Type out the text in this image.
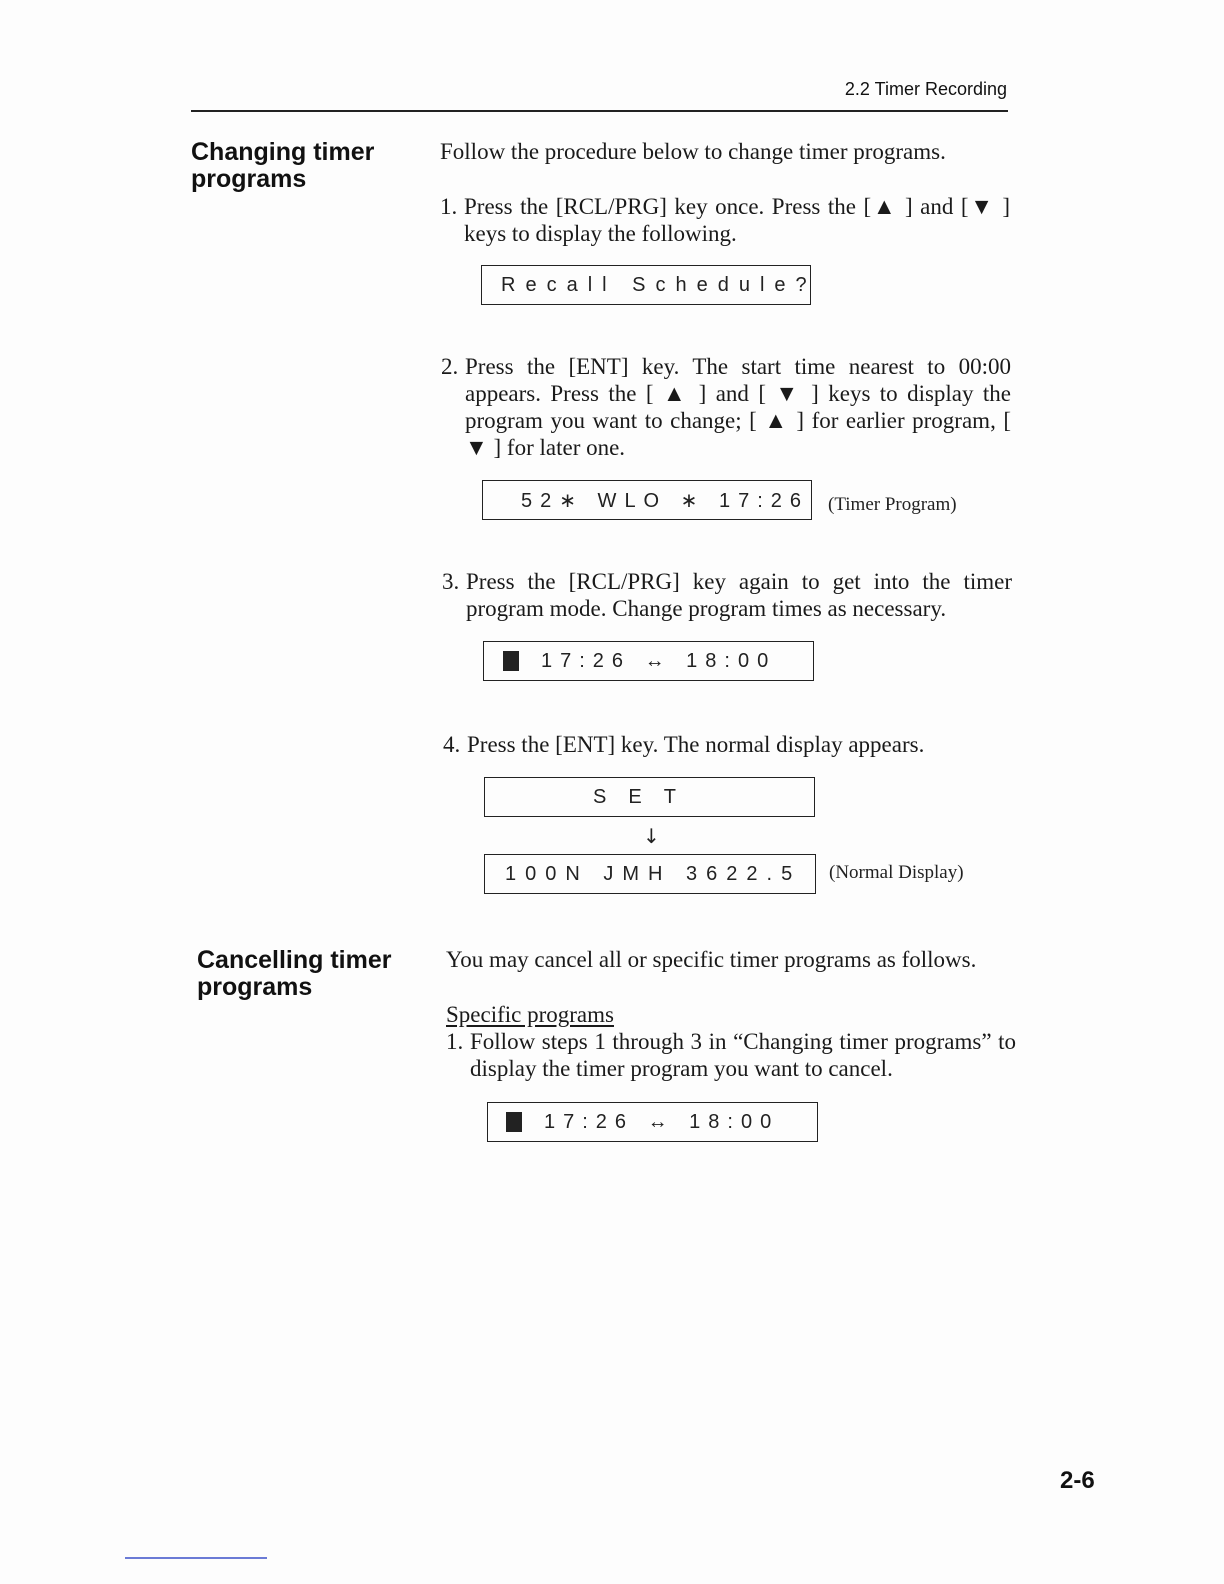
2.2 Timer Recording
Changing timer programs
Follow the procedure below to change timer programs.
1. Press the [RCL/PRG] key once. Press the [▲ ] and [▼ ] keys to display the following.
Recall Schedule?
2. Press the [ENT] key. The start time nearest to 00:00 appears. Press the [ ▲ ] and [ ▼ ] keys to display the program you want to change; [ ▲ ] for earlier program, [ ▼ ] for later one.
52∗ WLO ∗ 17:26 (Timer Program)
3. Press the [RCL/PRG] key again to get into the timer program mode. Change program times as necessary.
17:26 ↔ 18:00
4. Press the [ENT] key. The normal display appears.
SET
↓
100N JMH 3622.5 (Normal Display)
Cancelling timer programs
You may cancel all or specific timer programs as follows.
Specific programs
1. Follow steps 1 through 3 in “Changing timer programs” to display the timer program you want to cancel.
17:26 ↔ 18:00
2-6
